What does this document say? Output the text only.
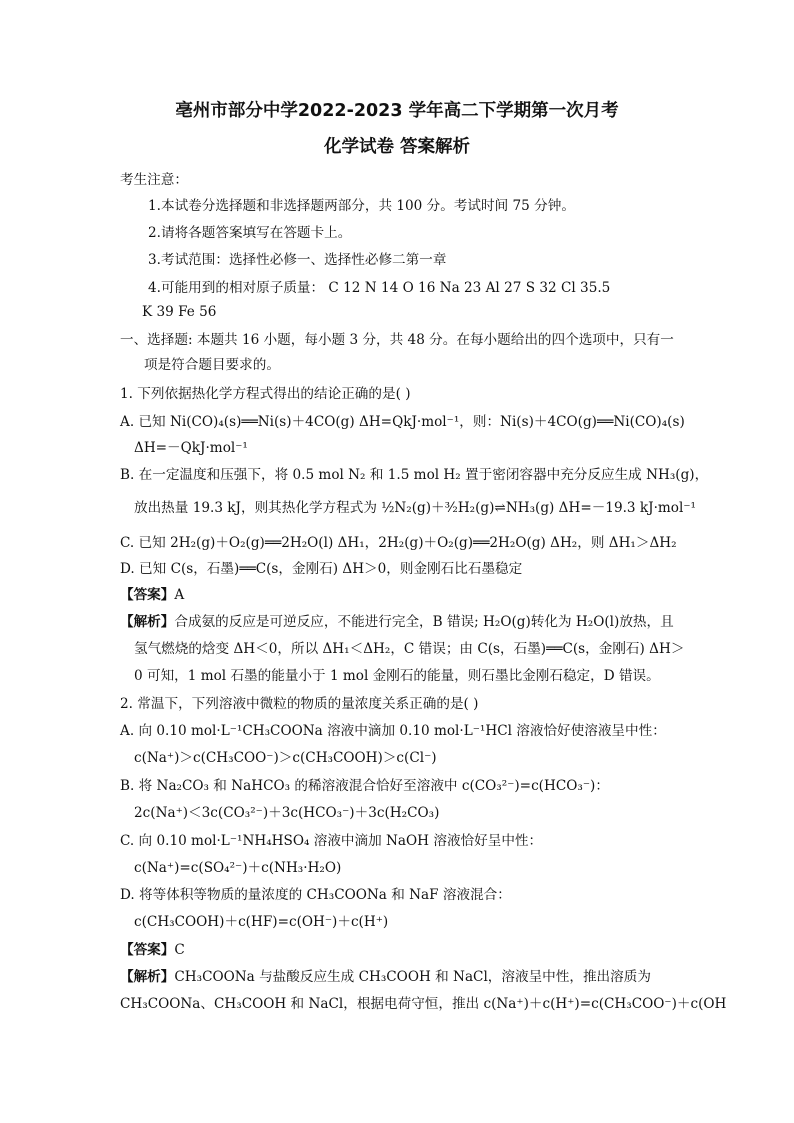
亳州市部分中学2022-2023 学年高二下学期第一次月考
化学试卷 答案解析
考生注意：
1.本试卷分选择题和非选择题两部分，共 100 分。考试时间 75 分钟。
2.请将各题答案填写在答题卡上。
3.考试范围：选择性必修一、选择性必修二第一章
4.可能用到的相对原子质量： C 12 N 14 O 16 Na 23 Al 27 S 32 Cl 35.5
K 39 Fe 56
一、选择题: 本题共 16 小题，每小题 3 分，共 48 分。在每小题给出的四个选项中，只有一
项是符合题目要求的。
1. 下列依据热化学方程式得出的结论正确的是( )
A. 已知 Ni(CO)₄(s)══Ni(s)＋4CO(g) ΔH=QkJ·mol⁻¹，则：Ni(s)＋4CO(g)══Ni(CO)₄(s)
ΔH=－QkJ·mol⁻¹
B. 在一定温度和压强下，将 0.5 mol N₂ 和 1.5 mol H₂ 置于密闭容器中充分反应生成 NH₃(g)，
放出热量 19.3 kJ，则其热化学方程式为 ½N₂(g)＋³⁄₂H₂(g)⇌NH₃(g) ΔH=－19.3 kJ·mol⁻¹
C. 已知 2H₂(g)＋O₂(g)══2H₂O(l) ΔH₁，2H₂(g)＋O₂(g)══2H₂O(g) ΔH₂，则 ΔH₁＞ΔH₂
D. 已知 C(s，石墨)══C(s，金刚石) ΔH＞0，则金刚石比石墨稳定
【答案】A
【解析】合成氨的反应是可逆反应，不能进行完全，B 错误; H₂O(g)转化为 H₂O(l)放热，且
氢气燃烧的焓变 ΔH＜0，所以 ΔH₁＜ΔH₂，C 错误；由 C(s，石墨)══C(s，金刚石) ΔH＞
0 可知，1 mol 石墨的能量小于 1 mol 金刚石的能量，则石墨比金刚石稳定，D 错误。
2. 常温下，下列溶液中微粒的物质的量浓度关系正确的是( )
A. 向 0.10 mol·L⁻¹CH₃COONa 溶液中滴加 0.10 mol·L⁻¹HCl 溶液恰好使溶液呈中性：
c(Na⁺)＞c(CH₃COO⁻)＞c(CH₃COOH)＞c(Cl⁻)
B. 将 Na₂CO₃ 和 NaHCO₃ 的稀溶液混合恰好至溶液中 c(CO₃²⁻)=c(HCO₃⁻)：
2c(Na⁺)＜3c(CO₃²⁻)＋3c(HCO₃⁻)＋3c(H₂CO₃)
C. 向 0.10 mol·L⁻¹NH₄HSO₄ 溶液中滴加 NaOH 溶液恰好呈中性：
c(Na⁺)=c(SO₄²⁻)＋c(NH₃·H₂O)
D. 将等体积等物质的量浓度的 CH₃COONa 和 NaF 溶液混合：
c(CH₃COOH)＋c(HF)=c(OH⁻)＋c(H⁺)
【答案】C
【解析】CH₃COONa 与盐酸反应生成 CH₃COOH 和 NaCl，溶液呈中性，推出溶质为
CH₃COONa、CH₃COOH 和 NaCl，根据电荷守恒，推出 c(Na⁺)＋c(H⁺)=c(CH₃COO⁻)＋c(OH
